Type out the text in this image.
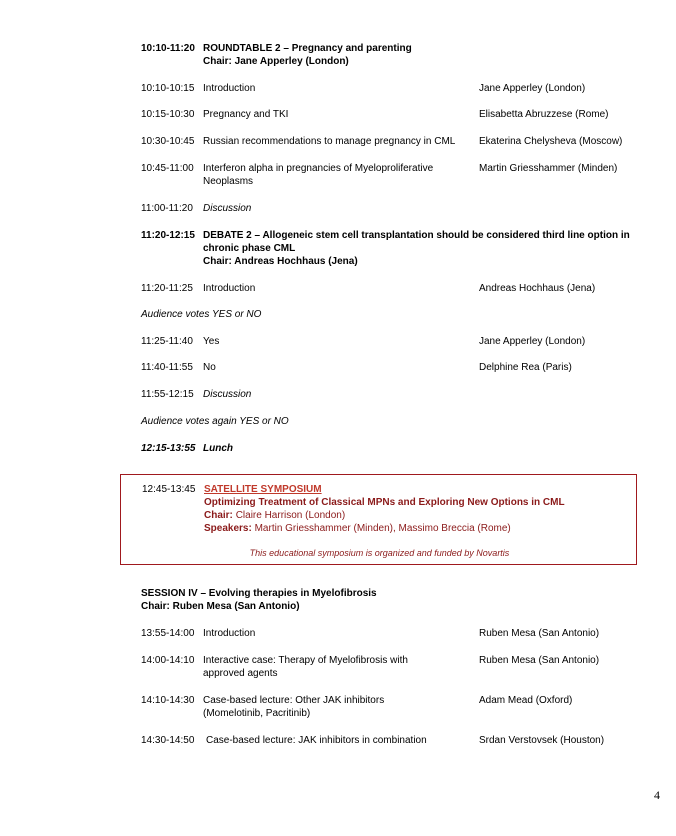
10:10-11:20 ROUNDTABLE 2 – Pregnancy and parenting
Chair: Jane Apperley (London)
10:10-10:15 Introduction	Jane Apperley (London)
10:15-10:30 Pregnancy and TKI	Elisabetta Abruzzese (Rome)
10:30-10:45 Russian recommendations to manage pregnancy in CML	Ekaterina Chelysheva (Moscow)
10:45-11:00 Interferon alpha in pregnancies of Myeloproliferative Neoplasms
Martin Griesshammer (Minden)
11:00-11:20	Discussion
11:20-12:15 DEBATE 2 – Allogeneic stem cell transplantation should be considered third line option in chronic phase CML
Chair: Andreas Hochhaus (Jena)
11:20-11:25	Introduction	Andreas Hochhaus (Jena)
Audience votes YES or NO
11:25-11:40	Yes	Jane Apperley (London)
11:40-11:55	No	Delphine Rea (Paris)
11:55-12:15 Discussion
Audience votes again YES or NO
12:15-13:55 Lunch
12:45-13:45 SATELLITE SYMPOSIUM
Optimizing Treatment of Classical MPNs and Exploring New Options in CML
Chair: Claire Harrison (London)
Speakers: Martin Griesshammer (Minden), Massimo Breccia (Rome)
This educational symposium is organized and funded by Novartis
SESSION IV – Evolving therapies in Myelofibrosis
Chair: Ruben Mesa (San Antonio)
13:55-14:00 Introduction	Ruben Mesa (San Antonio)
14:00-14:10 Interactive case: Therapy of Myelofibrosis with approved agents
Ruben Mesa (San Antonio)
14:10-14:30 Case-based lecture: Other JAK inhibitors (Momelotinib, Pacritinib)
Adam Mead (Oxford)
14:30-14:50	Case-based lecture: JAK inhibitors in combination	Srdan Verstovsek (Houston)
4
